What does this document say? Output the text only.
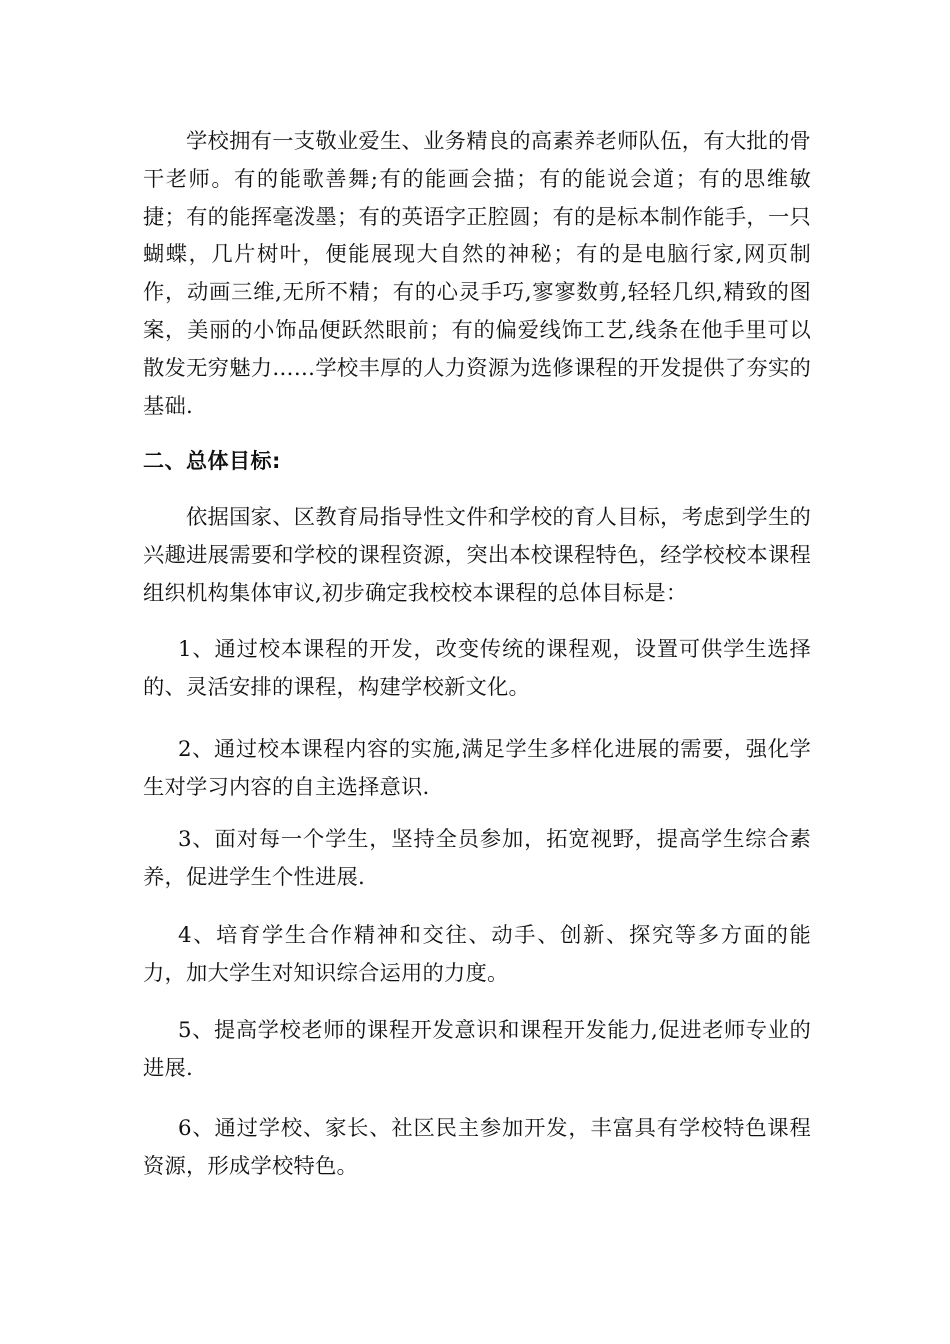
学校拥有一支敬业爱生、业务精良的高素养老师队伍，有大批的骨干老师。有的能歌善舞;有的能画会描；有的能说会道；有的思维敏捷；有的能挥毫泼墨；有的英语字正腔圆；有的是标本制作能手，一只蝴蝶，几片树叶，便能展现大自然的神秘；有的是电脑行家,网页制作，动画三维,无所不精；有的心灵手巧,寥寥数剪,轻轻几织,精致的图案，美丽的小饰品便跃然眼前；有的偏爱线饰工艺,线条在他手里可以散发无穷魅力……学校丰厚的人力资源为选修课程的开发提供了夯实的基础.

二、总体目标:

依据国家、区教育局指导性文件和学校的育人目标，考虑到学生的兴趣进展需要和学校的课程资源，突出本校课程特色，经学校校本课程组织机构集体审议,初步确定我校校本课程的总体目标是：

1、通过校本课程的开发，改变传统的课程观，设置可供学生选择的、灵活安排的课程，构建学校新文化。

2、通过校本课程内容的实施,满足学生多样化进展的需要，强化学生对学习内容的自主选择意识.

3、面对每一个学生，坚持全员参加，拓宽视野，提高学生综合素养，促进学生个性进展.

4、培育学生合作精神和交往、动手、创新、探究等多方面的能力，加大学生对知识综合运用的力度。

5、提高学校老师的课程开发意识和课程开发能力,促进老师专业的进展.

6、通过学校、家长、社区民主参加开发，丰富具有学校特色课程资源，形成学校特色。
